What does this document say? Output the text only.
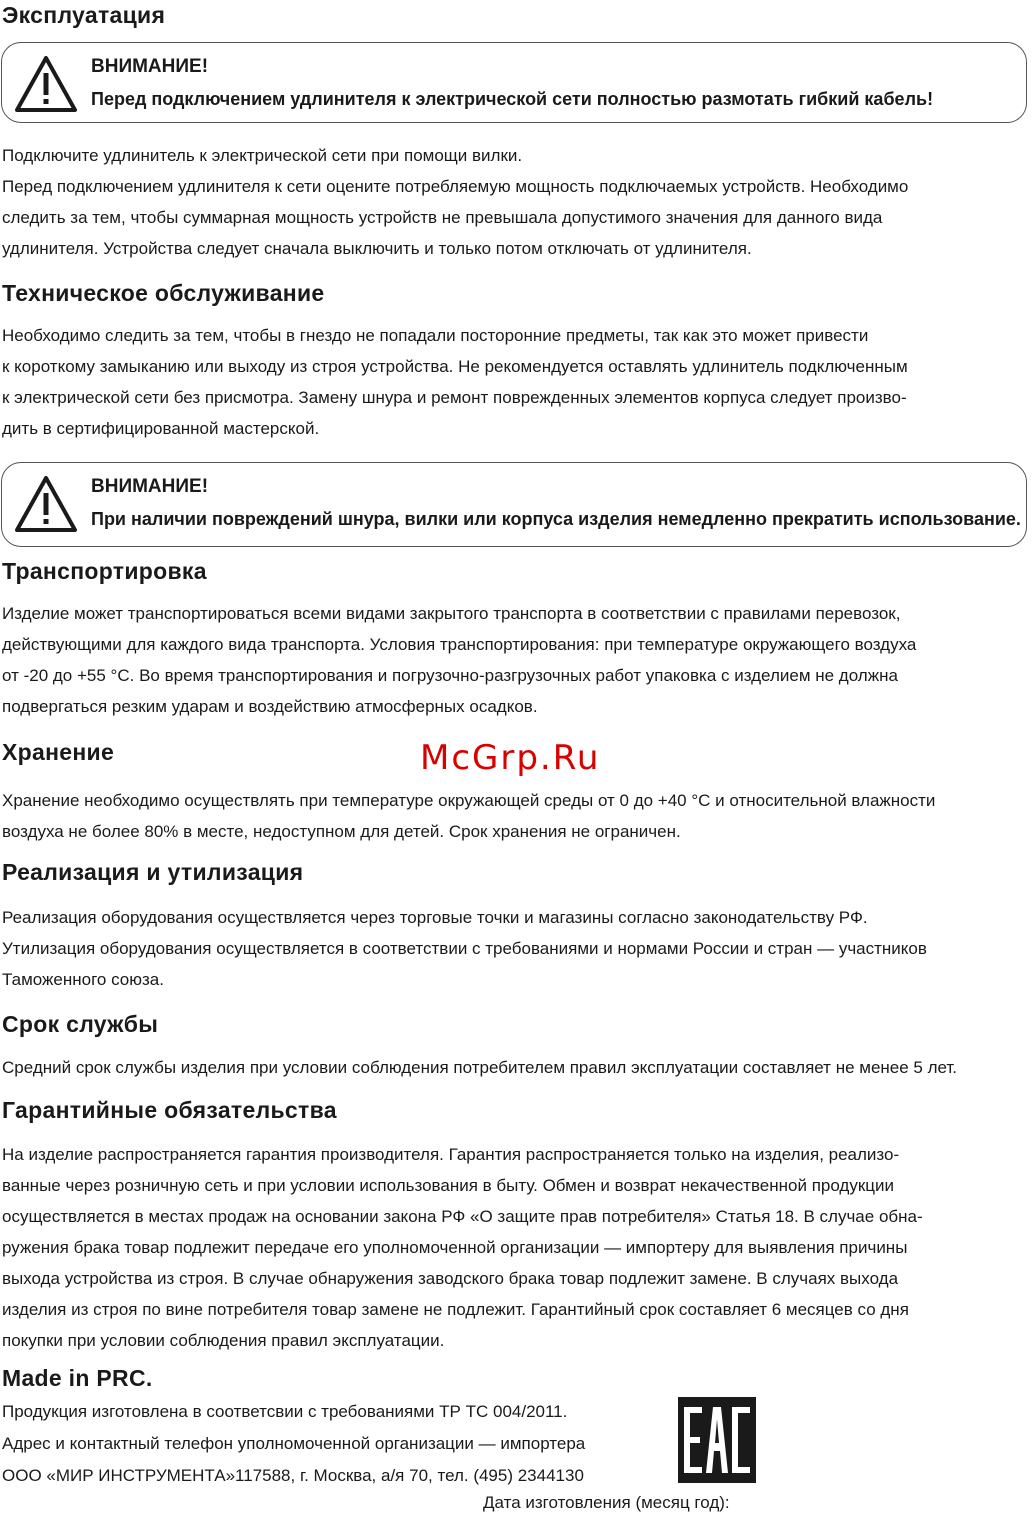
Эксплуатация
ВНИМАНИЕ!
Перед подключением удлинителя к электрической сети полностью размотать гибкий кабель!
Подключите удлинитель к электрической сети при помощи вилки.
Перед подключением удлинителя к сети оцените потребляемую мощность подключаемых устройств. Необходимо
следить за тем, чтобы суммарная мощность устройств не превышала допустимого значения для данного вида
удлинителя. Устройства следует сначала выключить и только потом отключать от удлинителя.
Техническое обслуживание
Необходимо следить за тем, чтобы в гнездо не попадали посторонние предметы, так как это может привести
к короткому замыканию или выходу из строя устройства. Не рекомендуется оставлять удлинитель подключенным
к электрической сети без присмотра. Замену шнура и ремонт поврежденных элементов корпуса следует произво-
дить в сертифицированной мастерской.
ВНИМАНИЕ!
При наличии повреждений шнура, вилки или корпуса изделия немедленно прекратить использование.
Транспортировка
Изделие может транспортироваться всеми видами закрытого транспорта в соответствии с правилами перевозок,
действующими для каждого вида транспорта. Условия транспортирования: при температуре окружающего воздуха
от -20 до +55 °С. Во время транспортирования и погрузочно-разгрузочных работ упаковка с изделием не должна
подвергаться резким ударам и воздействию атмосферных осадков.
Хранение	McGrp.Ru
Хранение необходимо осуществлять при температуре окружающей среды от 0 до +40 °С и относительной влажности
воздуха не более 80% в месте, недоступном для детей. Срок хранения не ограничен.
Реализация и утилизация
Реализация оборудования осуществляется через торговые точки и магазины согласно законодательству РФ.
Утилизация оборудования осуществляется в соответствии с требованиями и нормами России и стран — участников
Таможенного союза.
Срок службы
Средний срок службы изделия при условии соблюдения потребителем правил эксплуатации составляет не менее 5 лет.
Гарантийные обязательства
На изделие распространяется гарантия производителя. Гарантия распространяется только на изделия, реализо-
ванные через розничную сеть и при условии использования в быту. Обмен и возврат некачественной продукции
осуществляется в местах продаж на основании закона РФ «О защите прав потребителя» Статья 18. В случае обна-
ружения брака товар подлежит передаче его уполномоченной организации — импортеру для выявления причины
выхода устройства из строя. В случае обнаружения заводского брака товар подлежит замене. В случаях выхода
изделия из строя по вине потребителя товар замене не подлежит. Гарантийный срок составляет 6 месяцев со дня
покупки при условии соблюдения правил эксплуатации.
Made in PRC.
Продукция изготовлена в соответсвии с требованиями ТР ТС 004/2011.
Адрес и контактный телефон уполномоченной организации — импортера
ООО «МИР ИНСТРУМЕНТА»117588, г. Москва, а/я 70, тел. (495) 2344130
Дата изготовления (месяц год):
